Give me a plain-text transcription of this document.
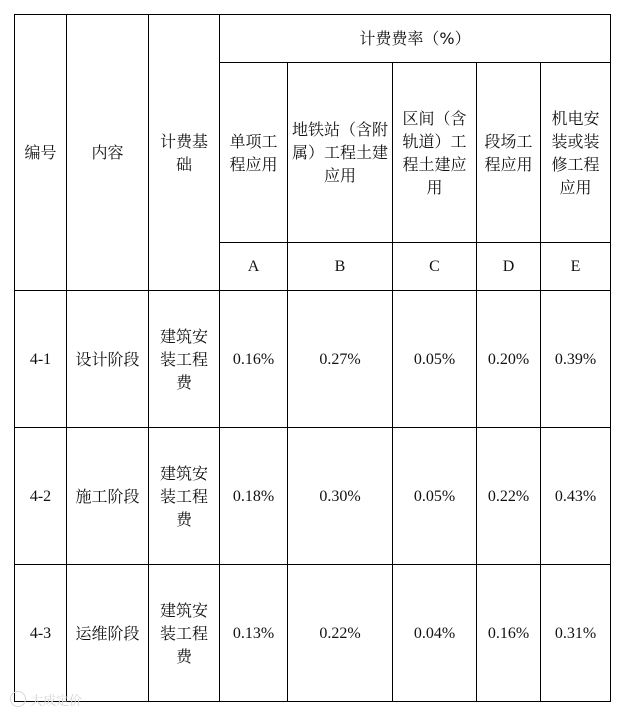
编号	内容	计费基础	计费费率（%）				
			单项工程应用	地铁站（含附属）工程土建应用	区间（含轨道）工程土建应用	段场工程应用	机电安装或装修工程应用
			A	B	C	D	E
4-1	设计阶段	建筑安装工程费	0.16%	0.27%	0.05%	0.20%	0.39%
4-2	施工阶段	建筑安装工程费	0.18%	0.30%	0.05%	0.22%	0.43%
4-3	运维阶段	建筑安装工程费	0.13%	0.22%	0.04%	0.16%	0.31%
大成定价
